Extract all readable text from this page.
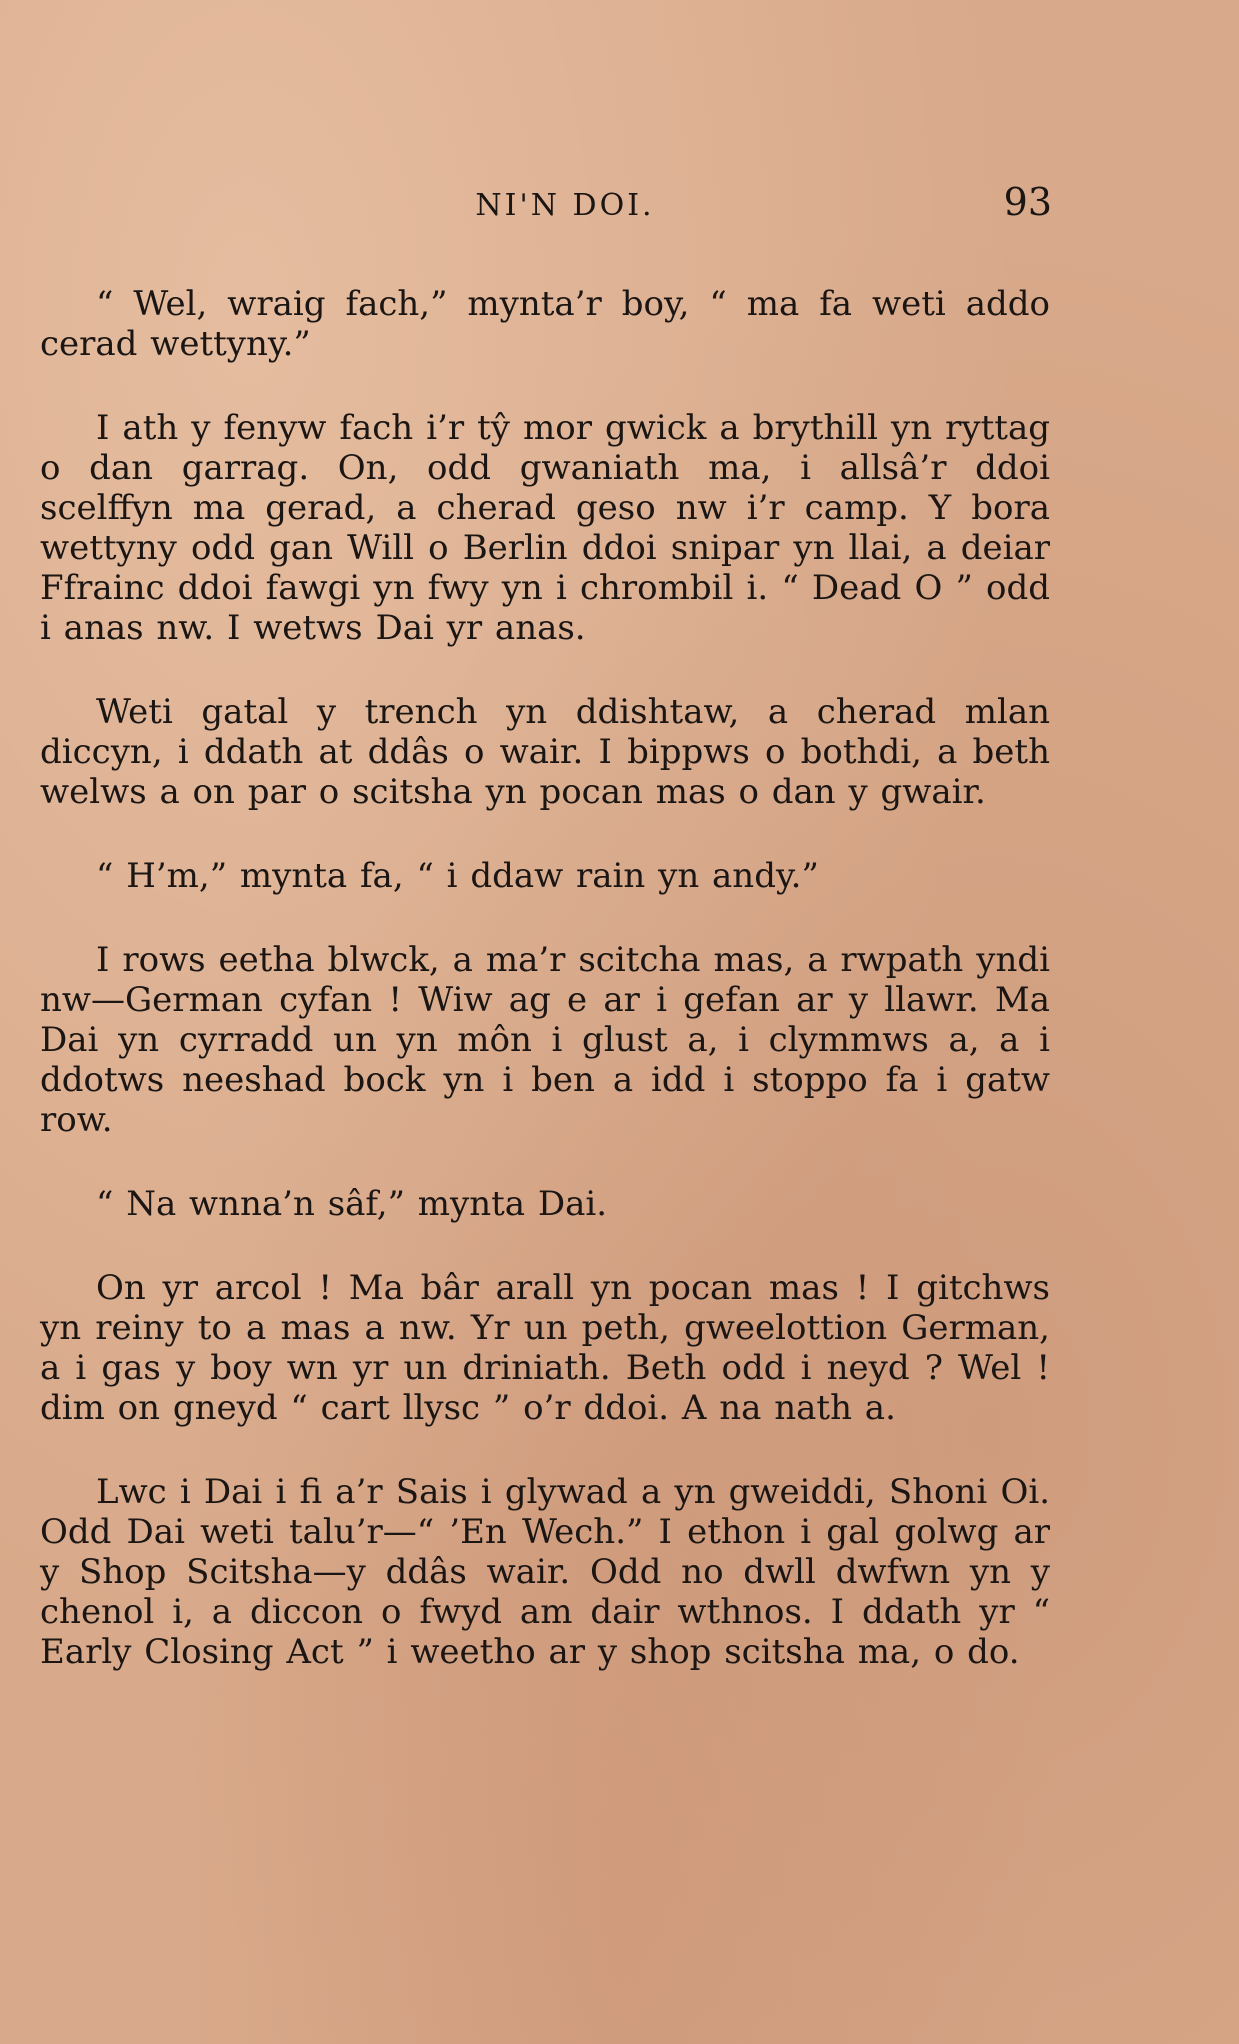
NI'N DOI.	93

“ Wel, wraig fach,” mynta’r boy, “ ma fa weti addo cerad wettyny.”

I ath y fenyw fach i’r tŷ mor gwick a brythill yn ryttag o dan garrag. On, odd gwaniath ma, i allsâ’r ddoi scelffyn ma gerad, a cherad geso nw i’r camp. Y bora wettyny odd gan Will o Berlin ddoi snipar yn llai, a deiar Ffrainc ddoi fawgi yn fwy yn i chrombil i. “ Dead O ” odd i anas nw. I wetws Dai yr anas.

Weti gatal y trench yn ddishtaw, a cherad mlan diccyn, i ddath at ddâs o wair. I bippws o bothdi, a beth welws a on par o scitsha yn pocan mas o dan y gwair.

“ H’m,” mynta fa, “ i ddaw rain yn andy.”

I rows eetha blwck, a ma’r scitcha mas, a rwpath yndi nw—German cyfan ! Wiw ag e ar i gefan ar y llawr. Ma Dai yn cyrradd un yn môn i glust a, i clymmws a, a i ddotws neeshad bock yn i ben a idd i stoppo fa i gatw row.

“ Na wnna’n sâf,” mynta Dai.

On yr arcol ! Ma bâr arall yn pocan mas ! I gitchws yn reiny to a mas a nw. Yr un peth, gweelottion German, a i gas y boy wn yr un driniath. Beth odd i neyd ? Wel ! dim on gneyd “ cart llysc ” o’r ddoi. A na nath a.

Lwc i Dai i fi a’r Sais i glywad a yn gweiddi, Shoni Oi. Odd Dai weti talu’r—“ ’En Wech.” I ethon i gal golwg ar y Shop Scitsha—y ddâs wair. Odd no dwll dwfwn yn y chenol i, a diccon o fwyd am dair wthnos. I ddath yr “ Early Closing Act ” i weetho ar y shop scitsha ma, o do.
